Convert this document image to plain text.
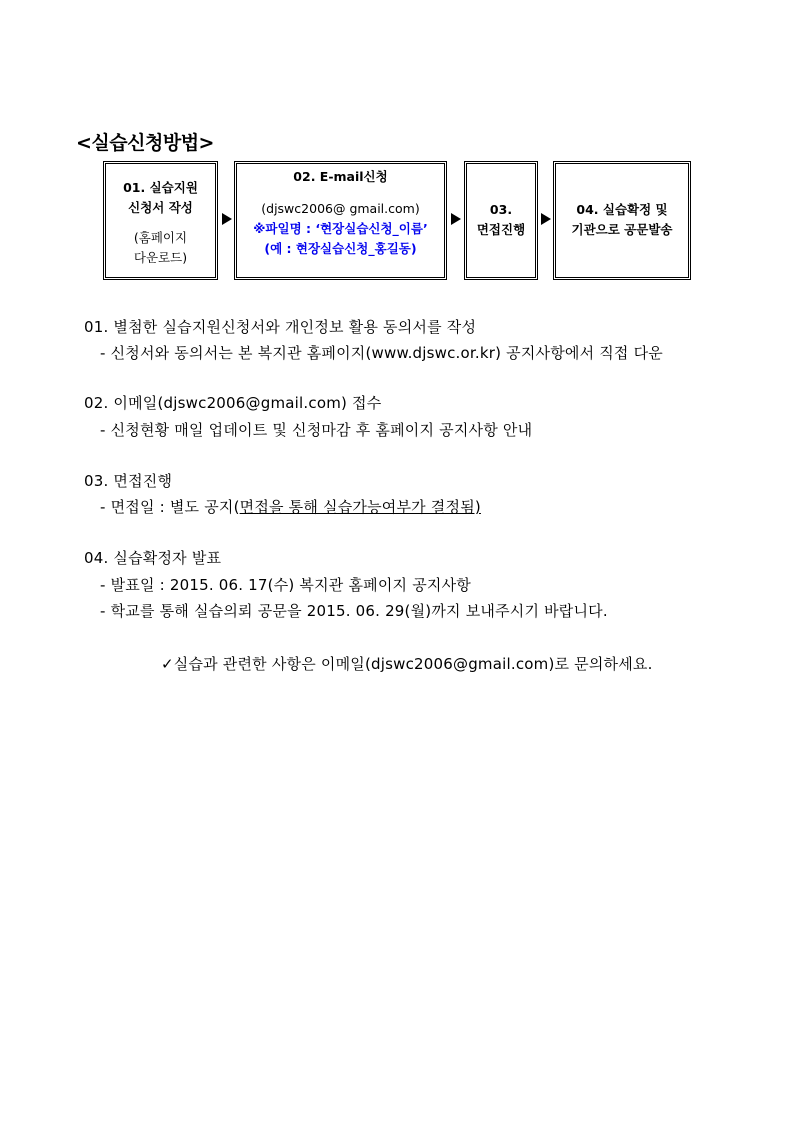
<실습신청방법>
01. 실습지원
신청서 작성
(홈페이지
다운로드)
02. E-mail신청
(djswc2006@ gmail.com)
※파일명 : ‘현장실습신청_이름’
(예 : 현장실습신청_홍길동)
03.
면접진행
04. 실습확정 및
기관으로 공문발송
01. 별첨한 실습지원신청서와 개인정보 활용 동의서를 작성
- 신청서와 동의서는 본 복지관 홈페이지(www.djswc.or.kr) 공지사항에서 직접 다운
02. 이메일(djswc2006@gmail.com) 접수
- 신청현황 매일 업데이트 및 신청마감 후 홈페이지 공지사항 안내
03. 면접진행
- 면접일 : 별도 공지(면접을 통해 실습가능여부가 결정됨)
04. 실습확정자 발표
- 발표일 : 2015. 06. 17(수) 복지관 홈페이지 공지사항
- 학교를 통해 실습의뢰 공문을 2015. 06. 29(월)까지 보내주시기 바랍니다.
✓실습과 관련한 사항은 이메일(djswc2006@gmail.com)로 문의하세요.
